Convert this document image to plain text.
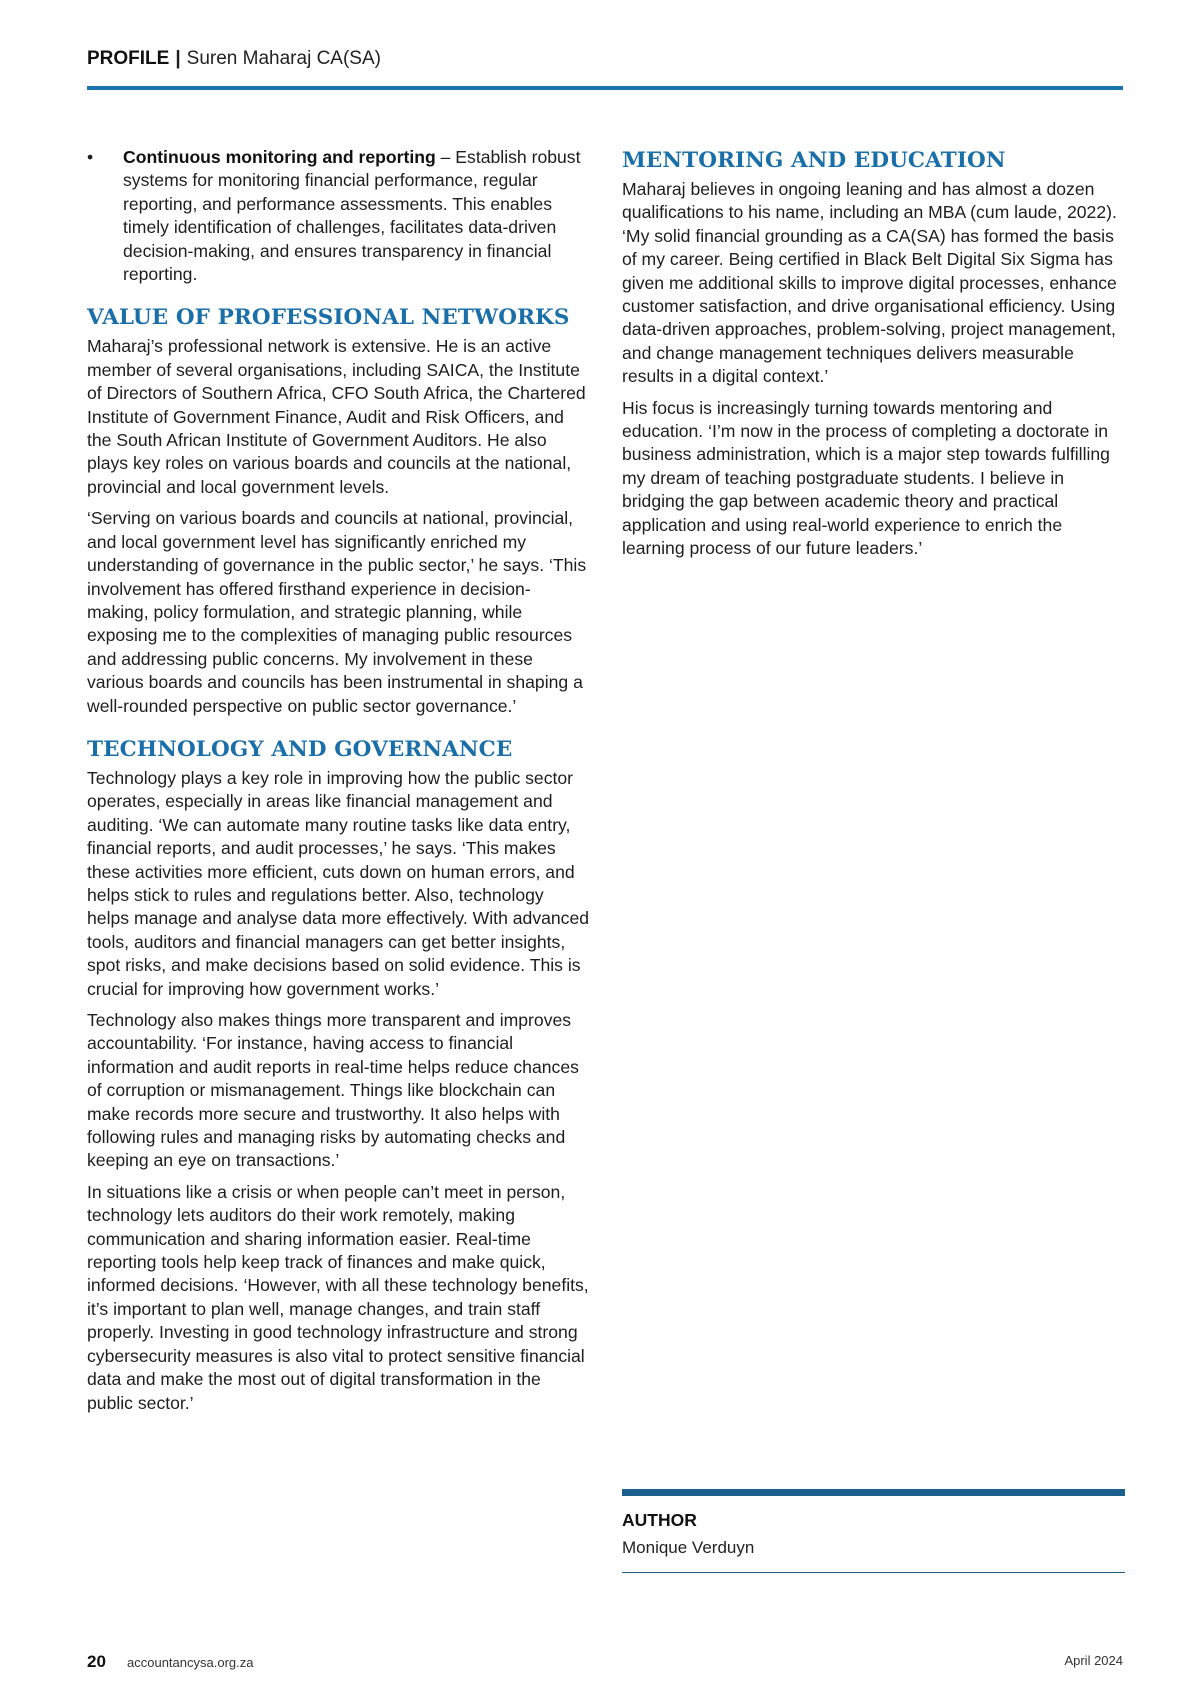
PROFILE | Suren Maharaj CA(SA)
• Continuous monitoring and reporting – Establish robust systems for monitoring financial performance, regular reporting, and performance assessments. This enables timely identification of challenges, facilitates data-driven decision-making, and ensures transparency in financial reporting.

VALUE OF PROFESSIONAL NETWORKS

Maharaj’s professional network is extensive. He is an active member of several organisations, including SAICA, the Institute of Directors of Southern Africa, CFO South Africa, the Chartered Institute of Government Finance, Audit and Risk Officers, and the South African Institute of Government Auditors. He also plays key roles on various boards and councils at the national, provincial and local government levels.

‘Serving on various boards and councils at national, provincial, and local government level has significantly enriched my understanding of governance in the public sector,’ he says. ‘This involvement has offered firsthand experience in decision-making, policy formulation, and strategic planning, while exposing me to the complexities of managing public resources and addressing public concerns. My involvement in these various boards and councils has been instrumental in shaping a well-rounded perspective on public sector governance.’

TECHNOLOGY AND GOVERNANCE

Technology plays a key role in improving how the public sector operates, especially in areas like financial management and auditing. ‘We can automate many routine tasks like data entry, financial reports, and audit processes,’ he says. ‘This makes these activities more efficient, cuts down on human errors, and helps stick to rules and regulations better. Also, technology helps manage and analyse data more effectively. With advanced tools, auditors and financial managers can get better insights, spot risks, and make decisions based on solid evidence. This is crucial for improving how government works.’

Technology also makes things more transparent and improves accountability. ‘For instance, having access to financial information and audit reports in real-time helps reduce chances of corruption or mismanagement. Things like blockchain can make records more secure and trustworthy. It also helps with following rules and managing risks by automating checks and keeping an eye on transactions.’

In situations like a crisis or when people can’t meet in person, technology lets auditors do their work remotely, making communication and sharing information easier. Real-time reporting tools help keep track of finances and make quick, informed decisions. ‘However, with all these technology benefits, it’s important to plan well, manage changes, and train staff properly. Investing in good technology infrastructure and strong cybersecurity measures is also vital to protect sensitive financial data and make the most out of digital transformation in the public sector.’

MENTORING AND EDUCATION

Maharaj believes in ongoing leaning and has almost a dozen qualifications to his name, including an MBA (cum laude, 2022). ‘My solid financial grounding as a CA(SA) has formed the basis of my career. Being certified in Black Belt Digital Six Sigma has given me additional skills to improve digital processes, enhance customer satisfaction, and drive organisational efficiency. Using data-driven approaches, problem-solving, project management, and change management techniques delivers measurable results in a digital context.’

His focus is increasingly turning towards mentoring and education. ‘I’m now in the process of completing a doctorate in business administration, which is a major step towards fulfilling my dream of teaching postgraduate students. I believe in bridging the gap between academic theory and practical application and using real-world experience to enrich the learning process of our future leaders.’

AUTHOR
Monique Verduyn
20 accountancysa.org.za	April 2024
